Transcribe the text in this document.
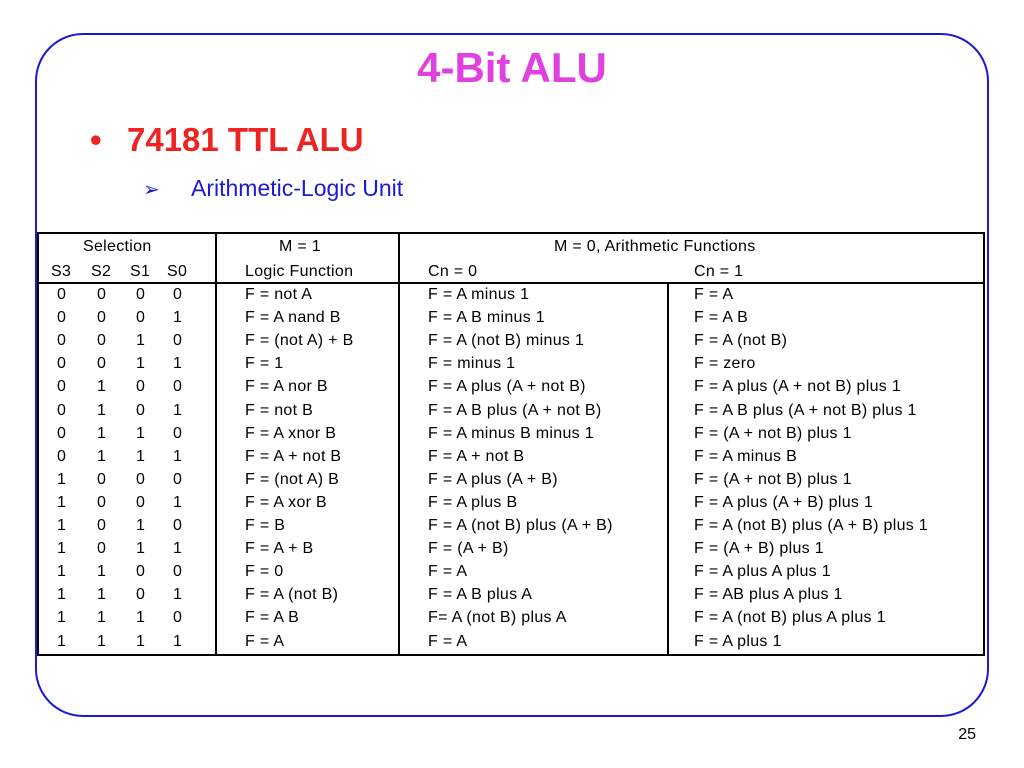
4-Bit ALU
• 74181 TTL ALU
➢ Arithmetic-Logic Unit
Selection	M = 1	M = 0, Arithmetic Functions
S3 S2 S1 S0	Logic Function	Cn = 0	Cn = 1
0 0 0 0	F = not A	F = A minus 1	F = A
0 0 0 1	F = A nand B	F = A B minus 1	F = A B
0 0 1 0	F = (not A) + B	F = A (not B) minus 1	F = A (not B)
0 0 1 1	F = 1	F = minus 1	F = zero
0 1 0 0	F = A nor B	F = A plus (A + not B)	F = A plus (A + not B) plus 1
0 1 0 1	F = not B	F = A B plus (A + not B)	F = A B plus (A + not B) plus 1
0 1 1 0	F = A xnor B	F = A minus B minus 1	F = (A + not B) plus 1
0 1 1 1	F = A + not B	F = A + not B	F = A minus B
1 0 0 0	F = (not A) B	F = A plus (A + B)	F = (A + not B) plus 1
1 0 0 1	F = A xor B	F = A plus B	F = A plus (A + B) plus 1
1 0 1 0	F = B	F = A (not B) plus (A + B)	F = A (not B) plus (A + B) plus 1
1 0 1 1	F = A + B	F = (A + B)	F = (A + B) plus 1
1 1 0 0	F = 0	F = A	F = A plus A plus 1
1 1 0 1	F = A (not B)	F = A B plus A	F = AB plus A plus 1
1 1 1 0	F = A B	F= A (not B) plus A	F = A (not B) plus A plus 1
1 1 1 1	F = A	F = A	F = A plus 1
25
